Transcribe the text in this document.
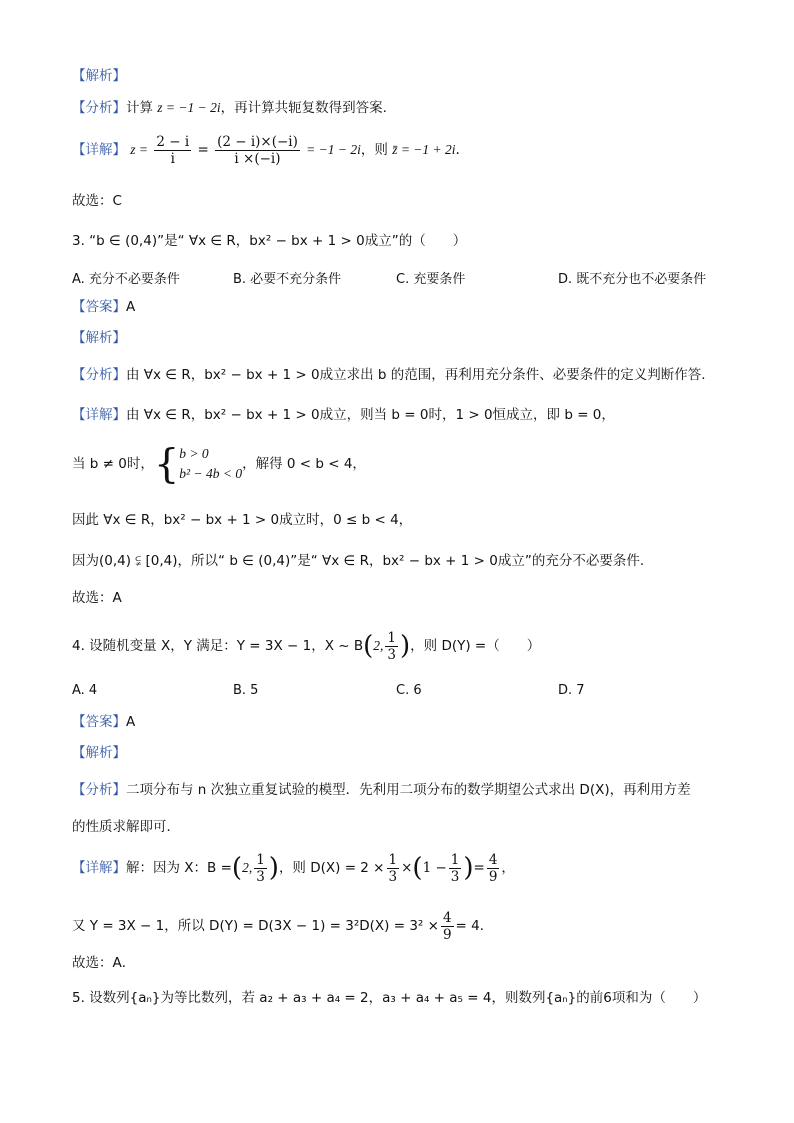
【解析】
【分析】计算 z = −1 − 2i，再计算共轭复数得到答案.
【详解】 $z = \frac{2 - i}{i} = \frac{(2 - i)\times(-i)}{i \times(-i)} = -1 - 2i$，则 z̄ = −1 + 2i.
故选：C
3. “b ∈ (0,4)”是“ ∀x ∈ R，bx² − bx + 1 > 0成立”的（　　）
A. 充分不必要条件	B. 必要不充分条件	C. 充要条件	D. 既不充分也不必要条件
【答案】A
【解析】
【分析】由 ∀x ∈ R，bx² − bx + 1 > 0成立求出 b 的范围，再利用充分条件、必要条件的定义判断作答.
【详解】由 ∀x ∈ R，bx² − bx + 1 > 0成立，则当 b = 0时，1 > 0恒成立，即 b = 0，
当 b ≠ 0时，{ b > 0
b² − 4b < 0
，解得 0 < b < 4，
因此 ∀x ∈ R，bx² − bx + 1 > 0成立时，0 ≤ b < 4，
因为(0,4) ⫋ [0,4)，所以“ b ∈ (0,4)”是“ ∀x ∈ R，bx² − bx + 1 > 0成立”的充分不必要条件.
故选：A
4. 设随机变量 X，Y 满足：Y = 3X − 1，X ~ B(2, $\frac{1}{3}$ )，则 D(Y) =（　　）
A. 4	B. 5	C. 6	D. 7
【答案】A
【解析】
【分析】二项分布与 n 次独立重复试验的模型．先利用二项分布的数学期望公式求出 D(X)，再利用方差
的性质求解即可．
【详解】解：因为 X：B =(2, $\frac{1}{3}$ )，则 $D(X) = 2 \times \frac{1}{3} \times(1 - \frac{1}{3}$ )= $\frac{4}{9}$ ，
又 Y = 3X − 1，所以 $D(Y) = D(3X - 1) = 3^2D(X) = 3^2 \times \frac{4}{9} = 4$．
故选：A．
5. 设数列{aₙ}为等比数列，若 a₂ + a₃ + a₄ = 2，a₃ + a₄ + a₅ = 4，则数列{aₙ}的前6项和为（　　）
